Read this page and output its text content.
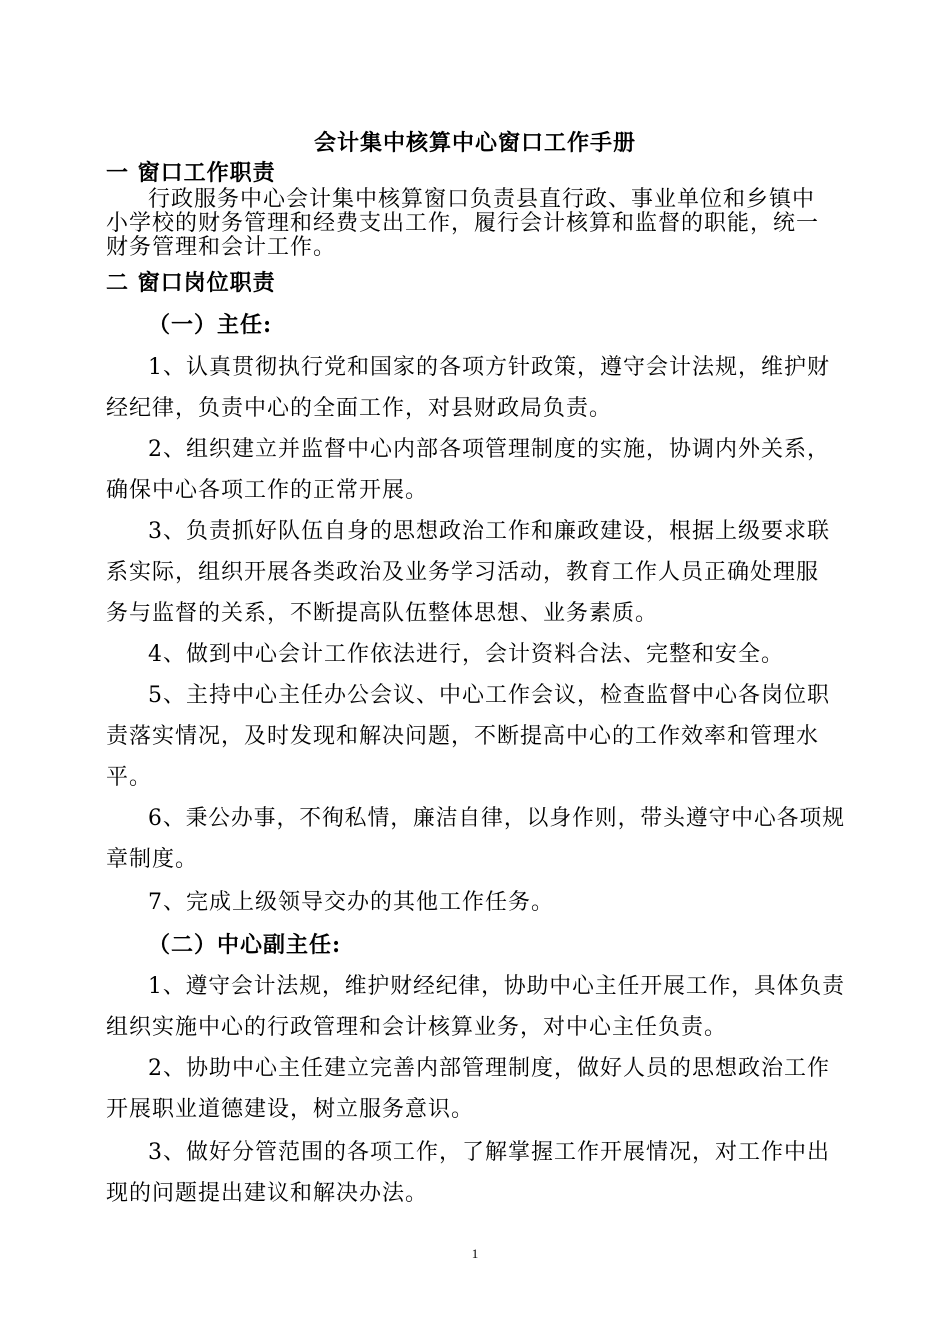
会计集中核算中心窗口工作手册
一 窗口工作职责
行政服务中心会计集中核算窗口负责县直行政、事业单位和乡镇中
小学校的财务管理和经费支出工作，履行会计核算和监督的职能，统一
财务管理和会计工作。
二 窗口岗位职责
（一）主任:
1、认真贯彻执行党和国家的各项方针政策，遵守会计法规，维护财
经纪律，负责中心的全面工作，对县财政局负责。
2、组织建立并监督中心内部各项管理制度的实施，协调内外关系，
确保中心各项工作的正常开展。
3、负责抓好队伍自身的思想政治工作和廉政建设，根据上级要求联
系实际，组织开展各类政治及业务学习活动，教育工作人员正确处理服
务与监督的关系，不断提高队伍整体思想、业务素质。
4、做到中心会计工作依法进行，会计资料合法、完整和安全。
5、主持中心主任办公会议、中心工作会议，检查监督中心各岗位职
责落实情况，及时发现和解决问题，不断提高中心的工作效率和管理水
平。
6、秉公办事，不徇私情，廉洁自律，以身作则，带头遵守中心各项规
章制度。
7、完成上级领导交办的其他工作任务。
（二）中心副主任:
1、遵守会计法规，维护财经纪律，协助中心主任开展工作，具体负责
组织实施中心的行政管理和会计核算业务，对中心主任负责。
2、协助中心主任建立完善内部管理制度，做好人员的思想政治工作
开展职业道德建设，树立服务意识。
3、做好分管范围的各项工作，了解掌握工作开展情况，对工作中出
现的问题提出建议和解决办法。
1
